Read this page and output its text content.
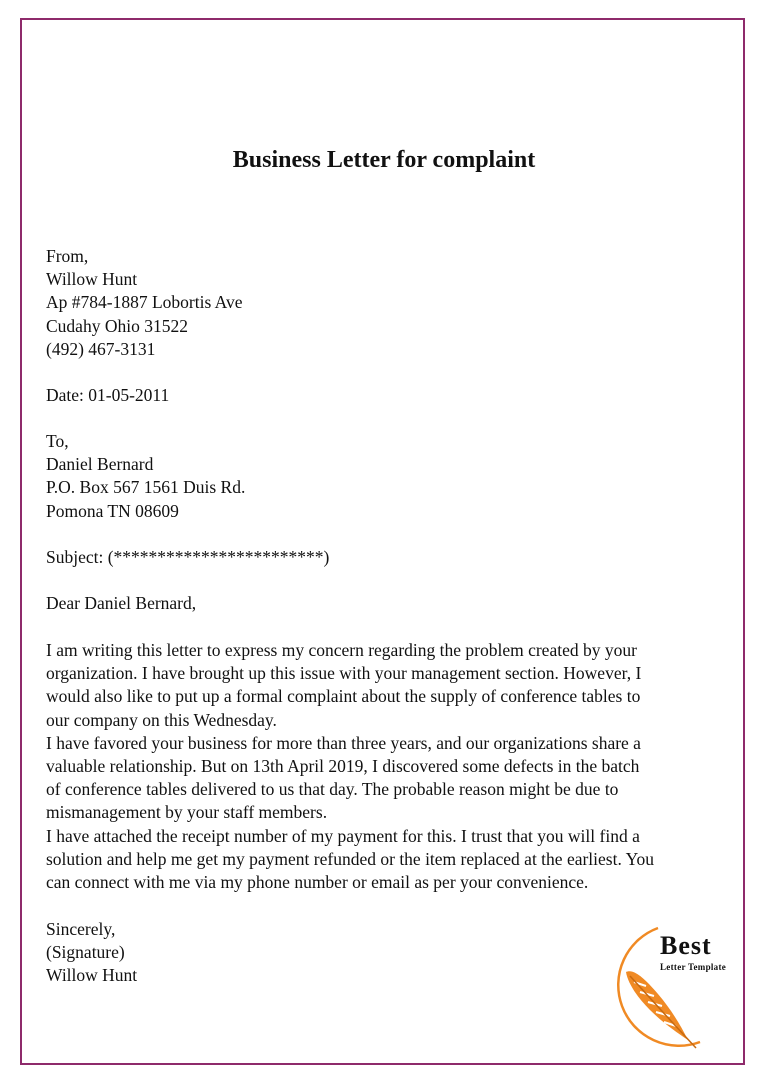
Business Letter for complaint
From,
Willow Hunt
Ap #784-1887 Lobortis Ave
Cudahy Ohio 31522
(492) 467-3131
Date: 01-05-2011
To,
Daniel Bernard
P.O. Box 567 1561 Duis Rd.
Pomona TN 08609
Subject: (************************)
Dear Daniel Bernard,
I am writing this letter to express my concern regarding the problem created by your
organization. I have brought up this issue with your management section. However, I
would also like to put up a formal complaint about the supply of conference tables to
our company on this Wednesday.
I have favored your business for more than three years, and our organizations share a
valuable relationship. But on 13th April 2019, I discovered some defects in the batch
of conference tables delivered to us that day. The probable reason might be due to
mismanagement by your staff members.
I have attached the receipt number of my payment for this. I trust that you will find a
solution and help me get my payment refunded or the item replaced at the earliest. You
can connect with me via my phone number or email as per your convenience.
Sincerely,
(Signature)
Willow Hunt
Best
Letter Template
